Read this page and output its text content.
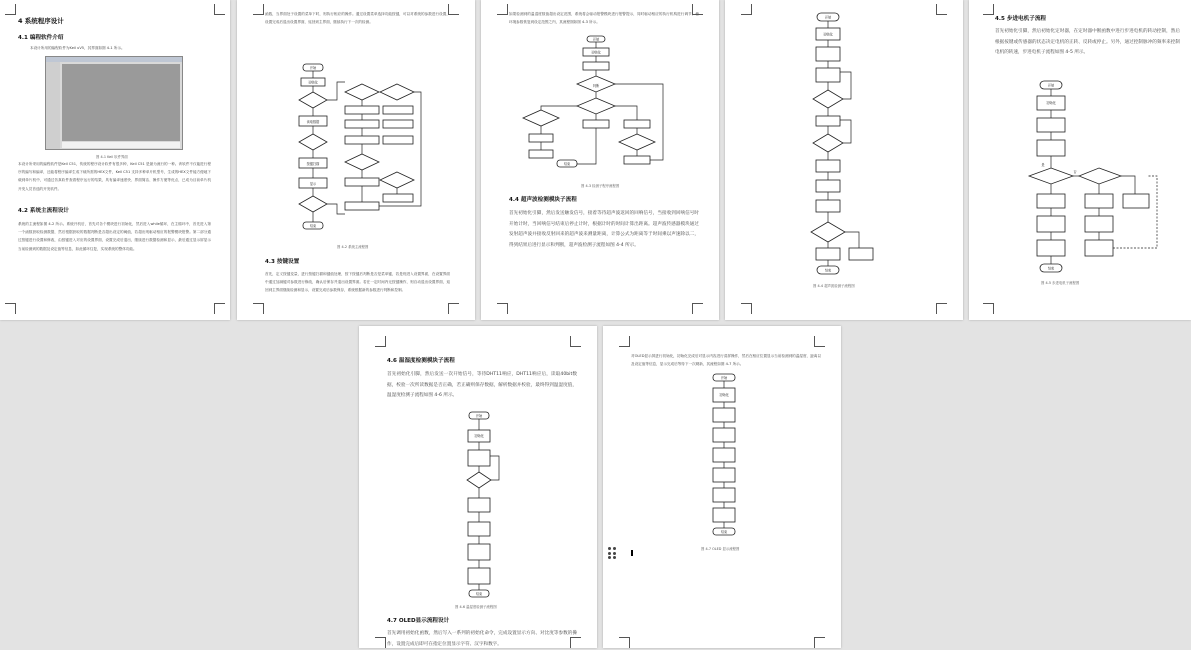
4 系统程序设计
4.1 编程软件介绍
本设计所用的编程软件为Keil uV5，其界面如图 4-1 所示。
图 4-1 Keil 软件界面
本设计所采用的编程软件是Keil C51，传统的程序设计软件有很多种，Keil C51 是最为流行的一种。该软件不仅能进行程序的编写和编译，还能将程序编译生成下载所需的HEX文件，Keil C51 支持多种单片机型号，生成的HEX文件能方便地下载到单片机中，可通过仿真软件查看程序运行的结果，具有编译速度快、界面简洁、操作方便等优点，已成为目前单片机开发人员首选的开发软件。
4.2 系统主流程设计
系统的主流程如图 4-2 所示。系统开机后，首先对各个模块进行初始化，然后进入while循环，在主循环中，首先进入第一个函数获取检测数据，然后根据获取的数据判断是否超出设定的阈值，若超出则驱动相应的报警模块报警。第二部分通过按键进行设置和修改，由按键进入对应的设置界面，设置完成后退出，继续进行数据检测和显示，最后通过显示屏显示当前检测到的数据及设定值等信息，如此循环往复，实现系统的整体功能。
函数，当界面处于设置的菜单下时，则执行相应的操作。通过设置菜单选择功能按键，可以对系统的参数进行设置，设置完成后退出设置界面，返回到主界面，继续执行下一次的检测。
开始
初始化
读取数据
按键扫描
显示
结束
图 4-2 系统主流程图
4.3 按键设置
首先，定义按键变量，进行按键扫描和键值处理，按下按键后判断是否是菜单键，若是则进入设置界面，在设置界面中通过加减键对参数进行修改，确认后保存并退出设置界面。若在一定时间内无按键操作，则自动退出设置界面，返回到主界面继续检测和显示，设置完成后参数保存，系统根据新的参数进行判断和控制。
如果检测到的温湿度数值超出设定范围，系统将会驱动报警模块进行报警提示，同时驱动相应的执行机构进行调节，使环境参数恢复到设定范围之内，其流程图如图 4-3 所示。
开始
初始化
判断
结束
图 4-3 检测子程序流程图
4.4 超声波检测模块子流程
首先初始化引脚，然后发送触发信号，接着等待超声波返回的回响信号，当接收到回响信号时开始计时，当回响信号结束后停止计时，根据计时的时间计算出距离。超声波传感器模块通过发射超声波并接收反射回来的超声波来测量距离，计算公式为距离等于时间乘以声速除以二，得到结果后进行显示和判断，超声波检测子流程如图 4-4 所示。
开始
初始化
结束
图 4-4 超声波检测子流程图
4.5 步进电机子流程
首先初始化引脚，然后初始化定时器，在定时器中断函数中进行步进电机的转动控制，然后根据按键或传感器的状态决定电机的正转、反转或停止。另外，通过控制脉冲的频率来控制电机的转速，步进电机子流程如图 4-5 所示。
开始
初始化
是
否
结束
图 4-5 步进电机子流程图
4.6 温湿度检测模块子流程
首先初始化引脚，然后发送一次开始信号，等待DHT11响应，DHT11响应后，读取40bit数据，校验一次所读数据是否正确，若正确则保存数据，解析数据并校验，最终得到温湿度值，温湿度检测子流程如图 4-6 所示。
开始
初始化
结束
图 4-6 温湿度检测子流程图
4.7 OLED显示流程设计
首先调用初始化函数，然后写入一系列的初始化命令，完成设置显示方向、对比度等参数的操作，设置完成后即可在指定位置显示字符、汉字和数字。
对OLED显示屏进行初始化，初始化完成后对显示内容进行清屏操作，然后在相应位置显示当前检测到的温湿度、距离以及设定值等信息，显示完成后等待下一次刷新，其流程如图 4-7 所示。
开始
初始化
结束
图 4-7 OLED 显示流程图
